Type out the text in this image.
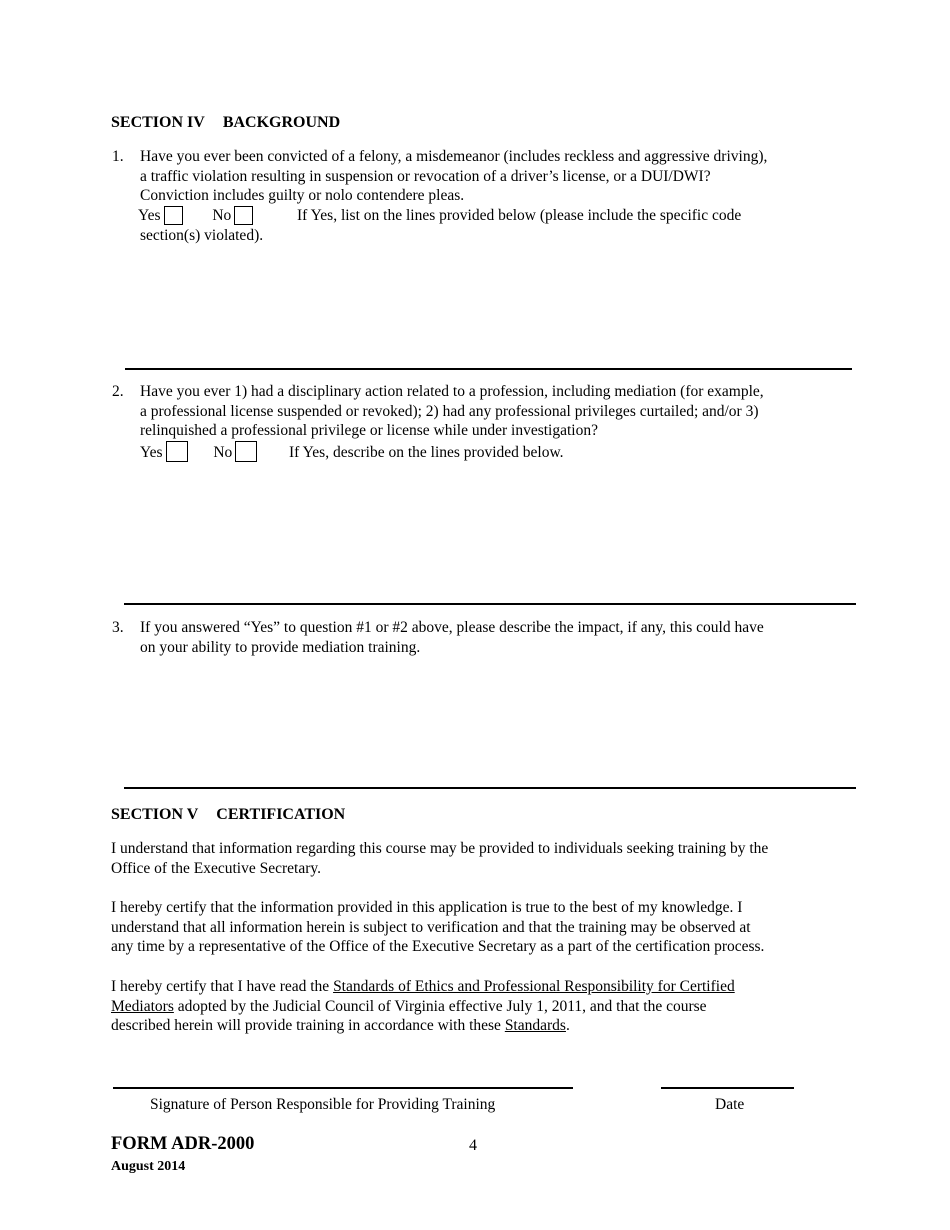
SECTION IV BACKGROUND
1. Have you ever been convicted of a felony, a misdemeanor (includes reckless and aggressive driving),
a traffic violation resulting in suspension or revocation of a driver’s license, or a DUI/DWI?
Conviction includes guilty or nolo contendere pleas.
Yes	No	If Yes, list on the lines provided below (please include the specific code
section(s) violated).
2. Have you ever 1) had a disciplinary action related to a profession, including mediation (for example,
a professional license suspended or revoked); 2) had any professional privileges curtailed; and/or 3)
relinquished a professional privilege or license while under investigation?
Yes	No	If Yes, describe on the lines provided below.
3. If you answered “Yes” to question #1 or #2 above, please describe the impact, if any, this could have
on your ability to provide mediation training.
SECTION V CERTIFICATION
I understand that information regarding this course may be provided to individuals seeking training by the
Office of the Executive Secretary.
I hereby certify that the information provided in this application is true to the best of my knowledge. I
understand that all information herein is subject to verification and that the training may be observed at
any time by a representative of the Office of the Executive Secretary as a part of the certification process.
I hereby certify that I have read the Standards of Ethics and Professional Responsibility for Certified
Mediators adopted by the Judicial Council of Virginia effective July 1, 2011, and that the course
described herein will provide training in accordance with these Standards.
Signature of Person Responsible for Providing Training	Date
FORM ADR-2000
August 2014
4
